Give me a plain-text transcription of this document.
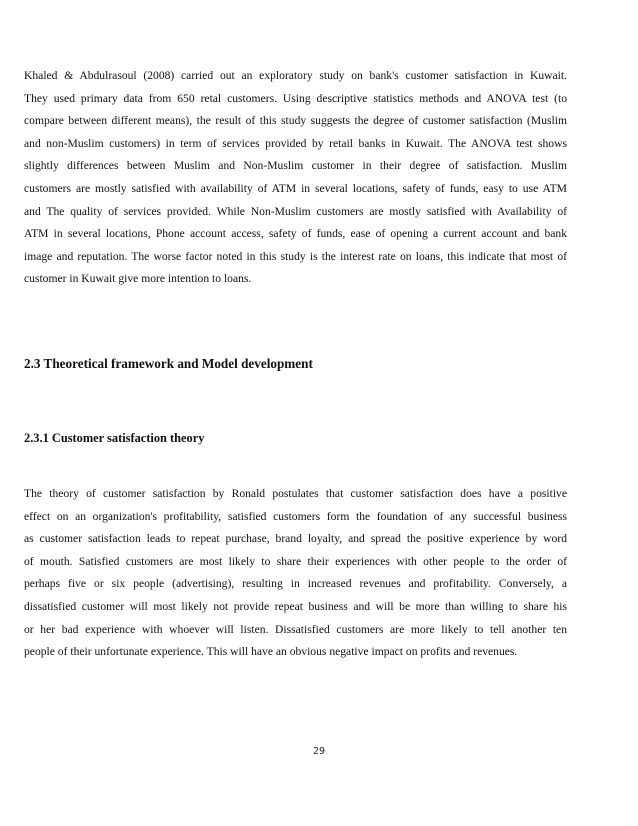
Khaled & Abdulrasoul (2008) carried out an exploratory study on bank's customer satisfaction in Kuwait.
They used primary data from 650 retal customers. Using descriptive statistics methods and ANOVA test (to
compare between different means), the result of this study suggests the degree of customer satisfaction (Muslim
and non-Muslim customers) in term of services provided by retail banks in Kuwait. The ANOVA test shows
slightly differences between Muslim and Non-Muslim customer in their degree of satisfaction. Muslim
customers are mostly satisfied with availability of ATM in several locations, safety of funds, easy to use ATM
and The quality of services provided. While Non-Muslim customers are mostly satisfied with Availability of
ATM in several locations, Phone account access, safety of funds, ease of opening a current account and bank
image and reputation. The worse factor noted in this study is the interest rate on loans, this indicate that most of
customer in Kuwait give more intention to loans.
2.3 Theoretical framework and Model development
2.3.1 Customer satisfaction theory
The theory of customer satisfaction by Ronald postulates that customer satisfaction does have a positive
effect on an organization's profitability, satisfied customers form the foundation of any successful business
as customer satisfaction leads to repeat purchase, brand loyalty, and spread the positive experience by word
of mouth. Satisfied customers are most likely to share their experiences with other people to the order of
perhaps five or six people (advertising), resulting in increased revenues and profitability. Conversely, a
dissatisfied customer will most likely not provide repeat business and will be more than willing to share his
or her bad experience with whoever will listen. Dissatisfied customers are more likely to tell another ten
people of their unfortunate experience. This will have an obvious negative impact on profits and revenues.
29
